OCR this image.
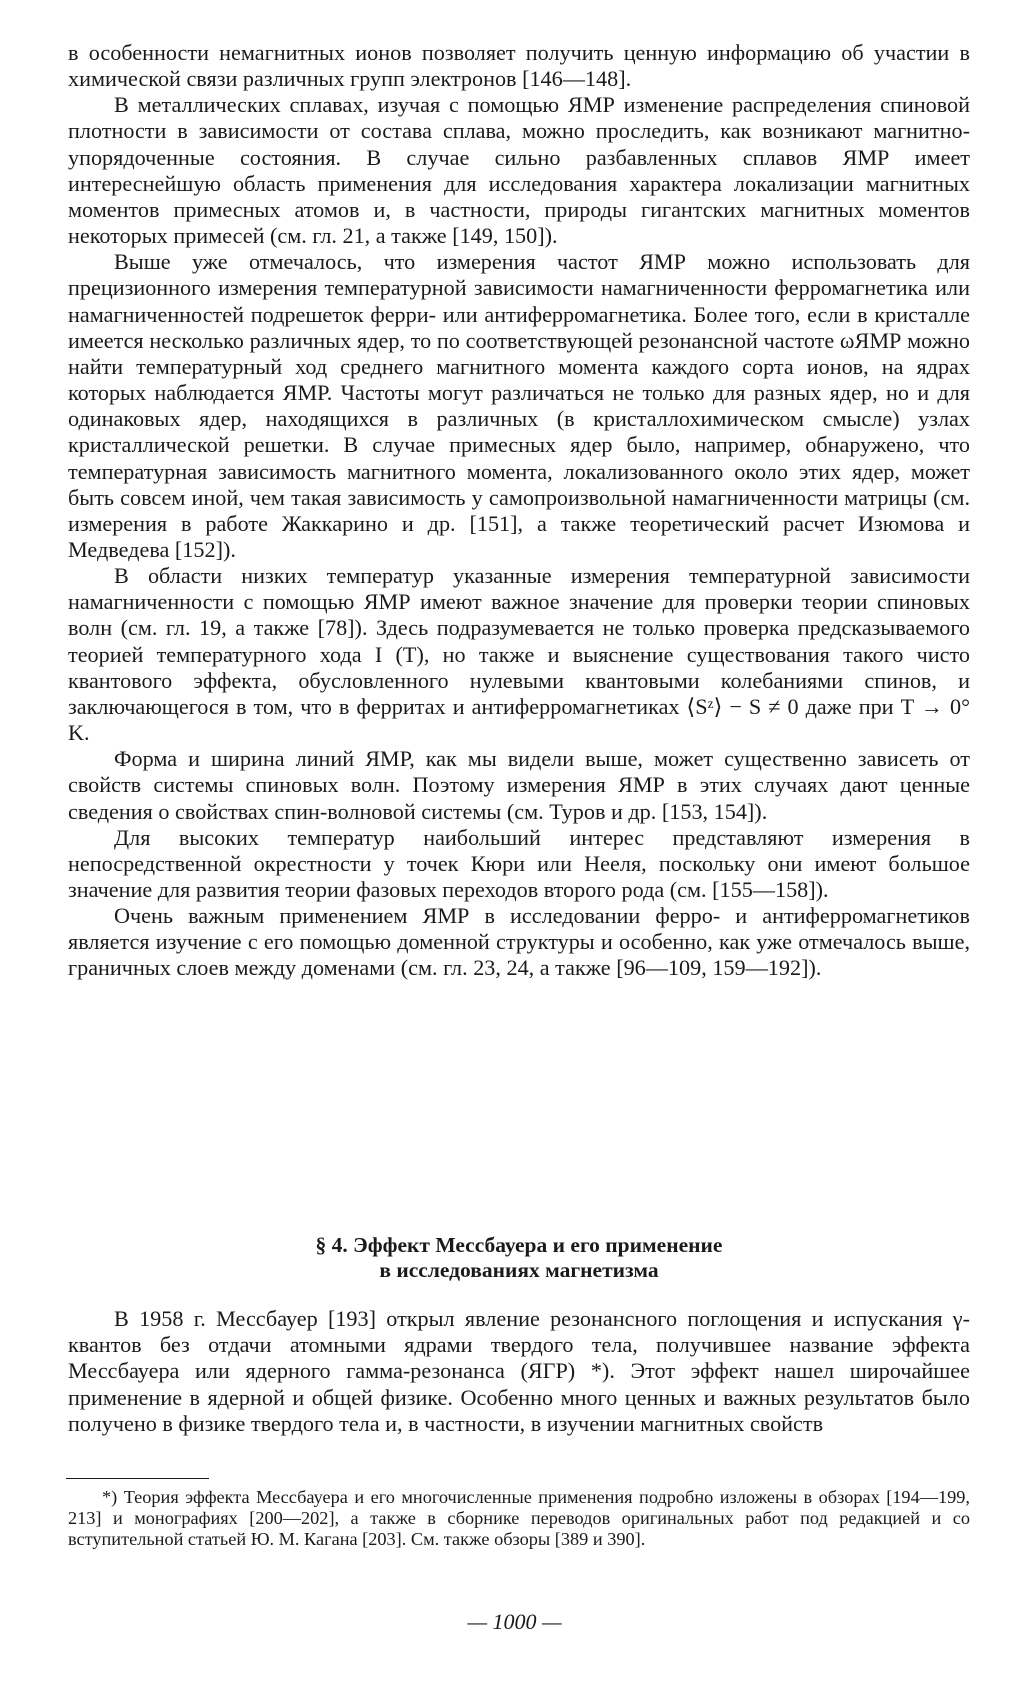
в особенности немагнитных ионов позволяет получить ценную информацию об участии в химической связи различных групп электронов [146—148].

В металлических сплавах, изучая с помощью ЯМР изменение распределения спиновой плотности в зависимости от состава сплава, можно проследить, как возникают магнитно-упорядоченные состояния. В случае сильно разбавленных сплавов ЯМР имеет интереснейшую область применения для исследования характера локализации магнитных моментов примесных атомов и, в частности, природы гигантских магнитных моментов некоторых примесей (см. гл. 21, а также [149, 150]).

Выше уже отмечалось, что измерения частот ЯМР можно использовать для прецизионного измерения температурной зависимости намагниченности ферромагнетика или намагниченностей подрешеток ферри- или антиферромагнетика. Более того, если в кристалле имеется несколько различных ядер, то по соответствующей резонансной частоте ωЯМР можно найти температурный ход среднего магнитного момента каждого сорта ионов, на ядрах которых наблюдается ЯМР. Частоты могут различаться не только для разных ядер, но и для одинаковых ядер, находящихся в различных (в кристаллохимическом смысле) узлах кристаллической решетки. В случае примесных ядер было, например, обнаружено, что температурная зависимость магнитного момента, локализованного около этих ядер, может быть совсем иной, чем такая зависимость у самопроизвольной намагниченности матрицы (см. измерения в работе Жаккарино и др. [151], а также теоретический расчет Изюмова и Медведева [152]).

В области низких температур указанные измерения температурной зависимости намагниченности с помощью ЯМР имеют важное значение для проверки теории спиновых волн (см. гл. 19, а также [78]). Здесь подразумевается не только проверка предсказываемого теорией температурного хода I (T), но также и выяснение существования такого чисто квантового эффекта, обусловленного нулевыми квантовыми колебаниями спинов, и заключающегося в том, что в ферритах и антиферромагнетиках ⟨Sᶻ⟩ − S ≠ 0 даже при T → 0° K.

Форма и ширина линий ЯМР, как мы видели выше, может существенно зависеть от свойств системы спиновых волн. Поэтому измерения ЯМР в этих случаях дают ценные сведения о свойствах спин-волновой системы (см. Туров и др. [153, 154]).

Для высоких температур наибольший интерес представляют измерения в непосредственной окрестности у точек Кюри или Нееля, поскольку они имеют большое значение для развития теории фазовых переходов второго рода (см. [155—158]).

Очень важным применением ЯМР в исследовании ферро- и антиферромагнетиков является изучение с его помощью доменной структуры и особенно, как уже отмечалось выше, граничных слоев между доменами (см. гл. 23, 24, а также [96—109, 159—192]).

§ 4. Эффект Мессбауера и его применение
в исследованиях магнетизма

В 1958 г. Мессбауер [193] открыл явление резонансного поглощения и испускания γ-квантов без отдачи атомными ядрами твердого тела, получившее название эффекта Мессбауера или ядерного гамма-резонанса (ЯГР) *). Этот эффект нашел широчайшее применение в ядерной и общей физике. Особенно много ценных и важных результатов было получено в физике твердого тела и, в частности, в изучении магнитных свойств

*) Теория эффекта Мессбауера и его многочисленные применения подробно изложены в обзорах [194—199, 213] и монографиях [200—202], а также в сборнике переводов оригинальных работ под редакцией и со вступительной статьей Ю. М. Кагана [203]. См. также обзоры [389 и 390].

— 1000 —
